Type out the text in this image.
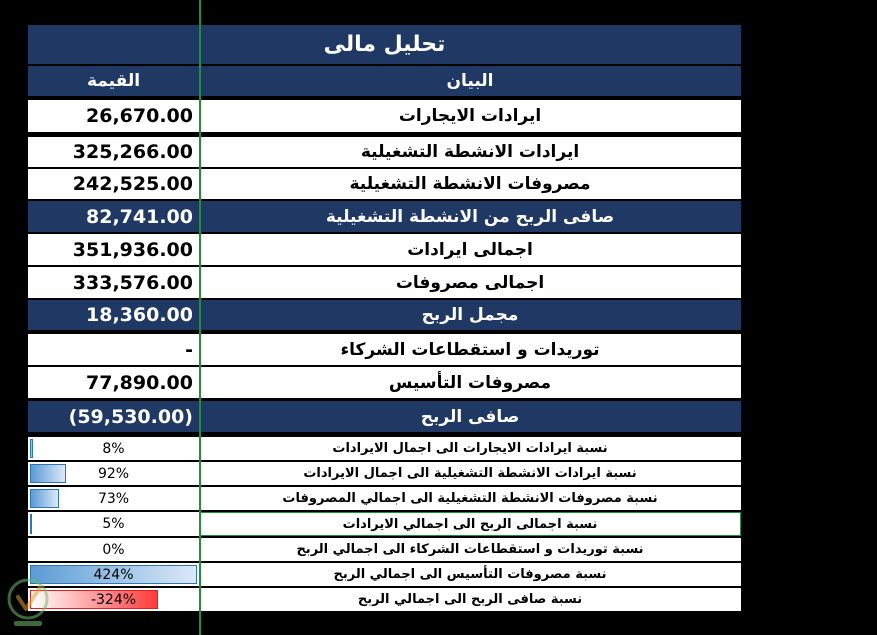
تحليل مالى
القيمة	البيان
26,670.00	ايرادات الايجارات
325,266.00	ايرادات الانشطة التشغيلية
242,525.00	مصروفات الانشطة التشغيلية
82,741.00	صافى الربح من الانشطة التشغيلية
351,936.00	اجمالى ايرادات
333,576.00	اجمالى مصروفات
18,360.00	مجمل الربح
-	توريدات و استقطاعات الشركاء
77,890.00	مصروفات التأسيس
(59,530.00)	صافى الربح
8%	نسبة ايرادات الايجارات الى اجمال الايرادات
92%	نسبة ايرادات الانشطة التشغيلية الى اجمال الايرادات
73%	نسبة مصروفات الانشطة التشغيلية الى اجمالي المصروفات
5%	نسبة اجمالى الربح الى اجمالي الايرادات
0%	نسبة توريدات و استقطاعات الشركاء الى اجمالي الربح
424%	نسبة مصروفات التأسيس الى اجمالي الربح
-324%	نسبة صافى الربح الى اجمالي الربح
